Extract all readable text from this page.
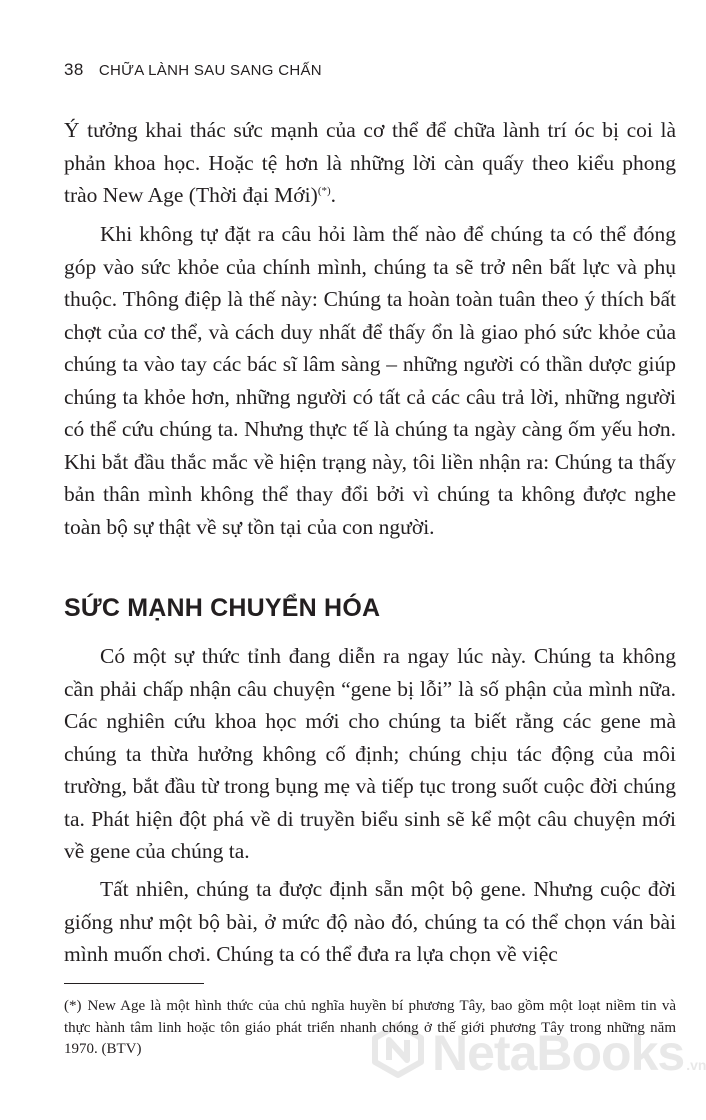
38 CHỮA LÀNH SAU SANG CHẤN

Ý tưởng khai thác sức mạnh của cơ thể để chữa lành trí óc bị coi là phản khoa học. Hoặc tệ hơn là những lời càn quấy theo kiểu phong trào New Age (Thời đại Mới)(*).

Khi không tự đặt ra câu hỏi làm thế nào để chúng ta có thể đóng góp vào sức khỏe của chính mình, chúng ta sẽ trở nên bất lực và phụ thuộc. Thông điệp là thế này: Chúng ta hoàn toàn tuân theo ý thích bất chợt của cơ thể, và cách duy nhất để thấy ổn là giao phó sức khỏe của chúng ta vào tay các bác sĩ lâm sàng – những người có thần dược giúp chúng ta khỏe hơn, những người có tất cả các câu trả lời, những người có thể cứu chúng ta. Nhưng thực tế là chúng ta ngày càng ốm yếu hơn. Khi bắt đầu thắc mắc về hiện trạng này, tôi liền nhận ra: Chúng ta thấy bản thân mình không thể thay đổi bởi vì chúng ta không được nghe toàn bộ sự thật về sự tồn tại của con người.

SỨC MẠNH CHUYỂN HÓA

Có một sự thức tỉnh đang diễn ra ngay lúc này. Chúng ta không cần phải chấp nhận câu chuyện “gene bị lỗi” là số phận của mình nữa. Các nghiên cứu khoa học mới cho chúng ta biết rằng các gene mà chúng ta thừa hưởng không cố định; chúng chịu tác động của môi trường, bắt đầu từ trong bụng mẹ và tiếp tục trong suốt cuộc đời chúng ta. Phát hiện đột phá về di truyền biểu sinh sẽ kể một câu chuyện mới về gene của chúng ta.

Tất nhiên, chúng ta được định sẵn một bộ gene. Nhưng cuộc đời giống như một bộ bài, ở mức độ nào đó, chúng ta có thể chọn ván bài mình muốn chơi. Chúng ta có thể đưa ra lựa chọn về việc

(*) New Age là một hình thức của chủ nghĩa huyền bí phương Tây, bao gồm một loạt niềm tin và thực hành tâm linh hoặc tôn giáo phát triển nhanh chóng ở thế giới phương Tây trong những năm 1970. (BTV)	NetaBooks .vn
